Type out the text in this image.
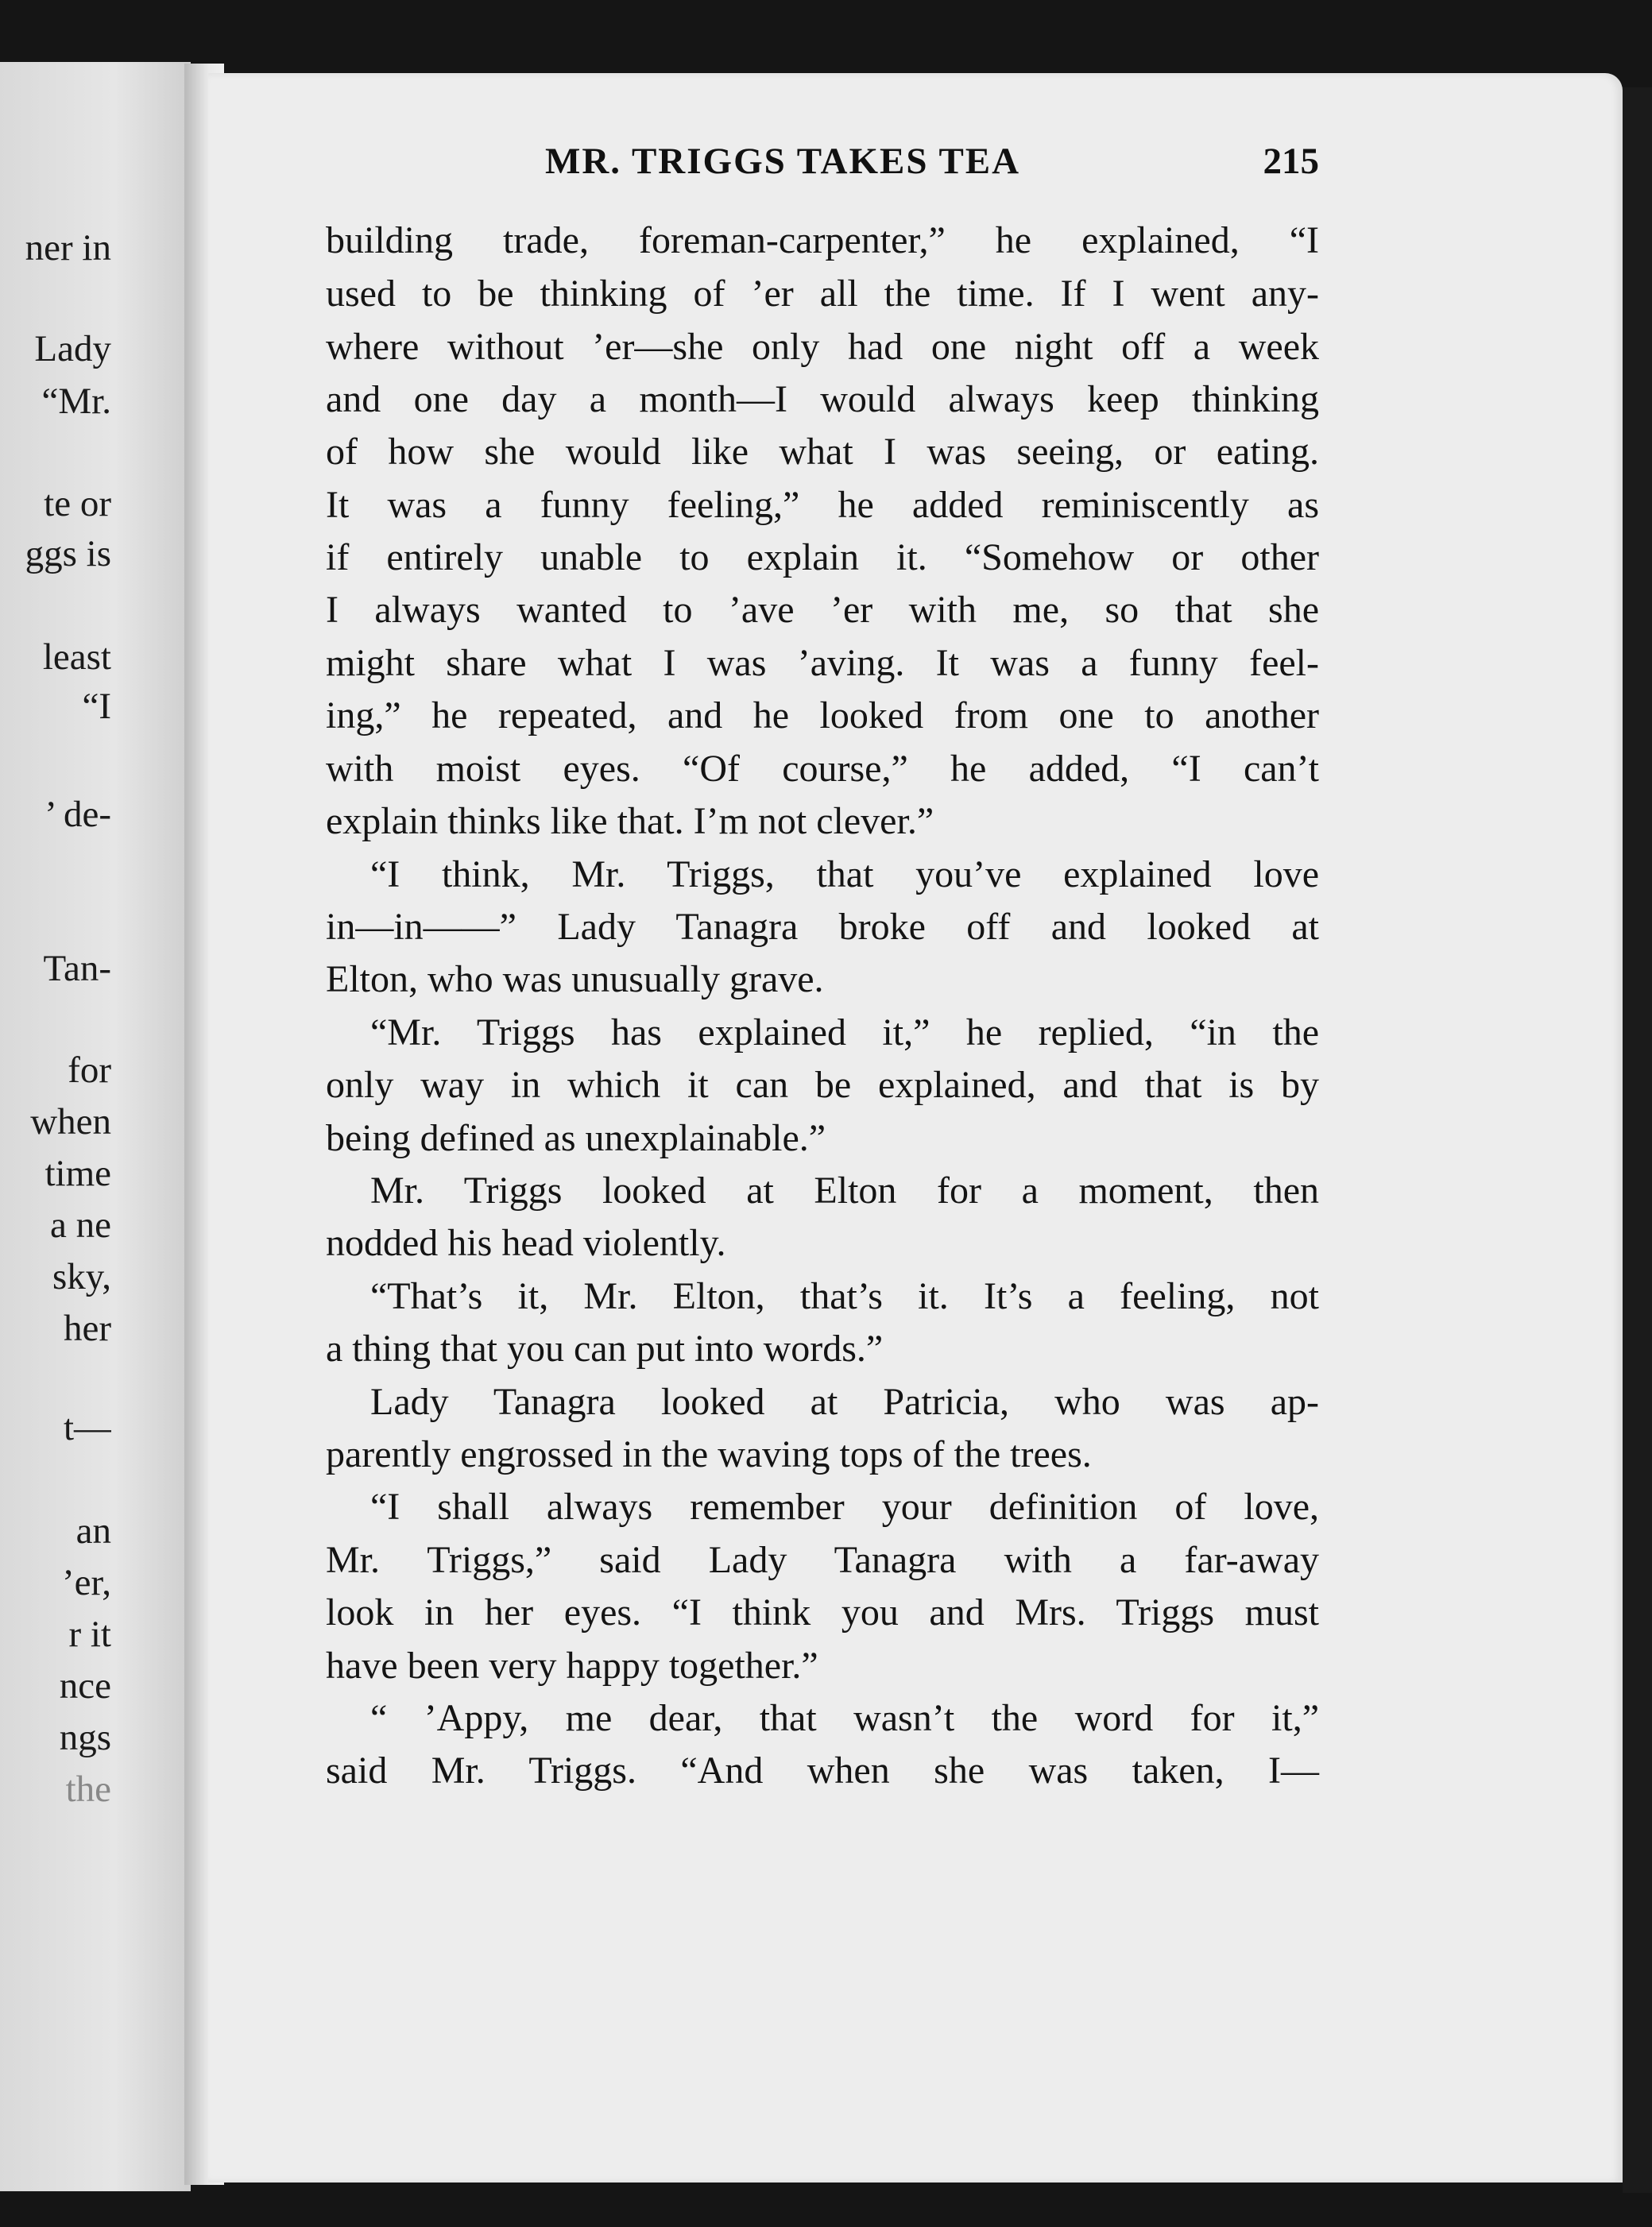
ner in
Lady
“Mr.
te or
ggs is
least
“I
’ de-
Tan-
for
when
time
a ne
sky,
her
t—
an
’er,
r it
nce
ngs
the
MR. TRIGGS TAKES TEA	215
building trade, foreman-carpenter,” he explained, “I
used to be thinking of ’er all the time. If I went any-
where without ’er—she only had one night off a week
and one day a month—I would always keep thinking
of how she would like what I was seeing, or eating.
It was a funny feeling,” he added reminiscently as
if entirely unable to explain it. “Somehow or other
I always wanted to ’ave ’er with me, so that she
might share what I was ’aving. It was a funny feel-
ing,” he repeated, and he looked from one to another
with moist eyes. “Of course,” he added, “I can’t
explain thinks like that. I’m not clever.”
“I think, Mr. Triggs, that you’ve explained love
in—in——” Lady Tanagra broke off and looked at
Elton, who was unusually grave.
“Mr. Triggs has explained it,” he replied, “in the
only way in which it can be explained, and that is by
being defined as unexplainable.”
Mr. Triggs looked at Elton for a moment, then
nodded his head violently.
“That’s it, Mr. Elton, that’s it. It’s a feeling, not
a thing that you can put into words.”
Lady Tanagra looked at Patricia, who was ap-
parently engrossed in the waving tops of the trees.
“I shall always remember your definition of love,
Mr. Triggs,” said Lady Tanagra with a far-away
look in her eyes. “I think you and Mrs. Triggs must
have been very happy together.”
“ ’Appy, me dear, that wasn’t the word for it,”
said Mr. Triggs. “And when she was taken, I—
